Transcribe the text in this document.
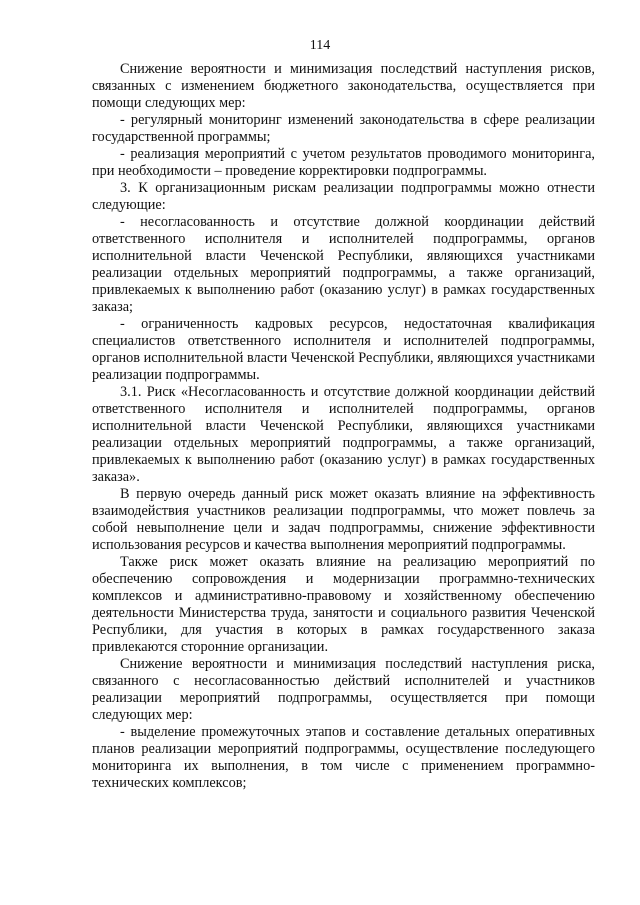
114

Снижение вероятности и минимизация последствий наступления рисков, связанных с изменением бюджетного законодательства, осуществляется при помощи следующих мер:

- регулярный мониторинг изменений законодательства в сфере реализации государственной программы;

- реализация мероприятий с учетом результатов проводимого мониторинга, при необходимости – проведение корректировки подпрограммы.

3. К организационным рискам реализации подпрограммы можно отнести следующие:

- несогласованность и отсутствие должной координации действий ответственного исполнителя и исполнителей подпрограммы, органов исполнительной власти Чеченской Республики, являющихся участниками реализации отдельных мероприятий подпрограммы, а также организаций, привлекаемых к выполнению работ (оказанию услуг) в рамках государственных заказа;

- ограниченность кадровых ресурсов, недостаточная квалификация специалистов ответственного исполнителя и исполнителей подпрограммы, органов исполнительной власти Чеченской Республики, являющихся участниками реализации подпрограммы.

3.1. Риск «Несогласованность и отсутствие должной координации действий ответственного исполнителя и исполнителей подпрограммы, органов исполнительной власти Чеченской Республики, являющихся участниками реализации отдельных мероприятий подпрограммы, а также организаций, привлекаемых к выполнению работ (оказанию услуг) в рамках государственных заказа».

В первую очередь данный риск может оказать влияние на эффективность взаимодействия участников реализации подпрограммы, что может повлечь за собой невыполнение цели и задач подпрограммы, снижение эффективности использования ресурсов и качества выполнения мероприятий подпрограммы.

Также риск может оказать влияние на реализацию мероприятий по обеспечению сопровождения и модернизации программно-технических комплексов и административно-правовому и хозяйственному обеспечению деятельности Министерства труда, занятости и социального развития Чеченской Республики, для участия в которых в рамках государственного заказа привлекаются сторонние организации.

Снижение вероятности и минимизация последствий наступления риска, связанного с несогласованностью действий исполнителей и участников реализации мероприятий подпрограммы, осуществляется при помощи следующих мер:

- выделение промежуточных этапов и составление детальных оперативных планов реализации мероприятий подпрограммы, осуществление последующего мониторинга их выполнения, в том числе с применением программно-технических комплексов;
